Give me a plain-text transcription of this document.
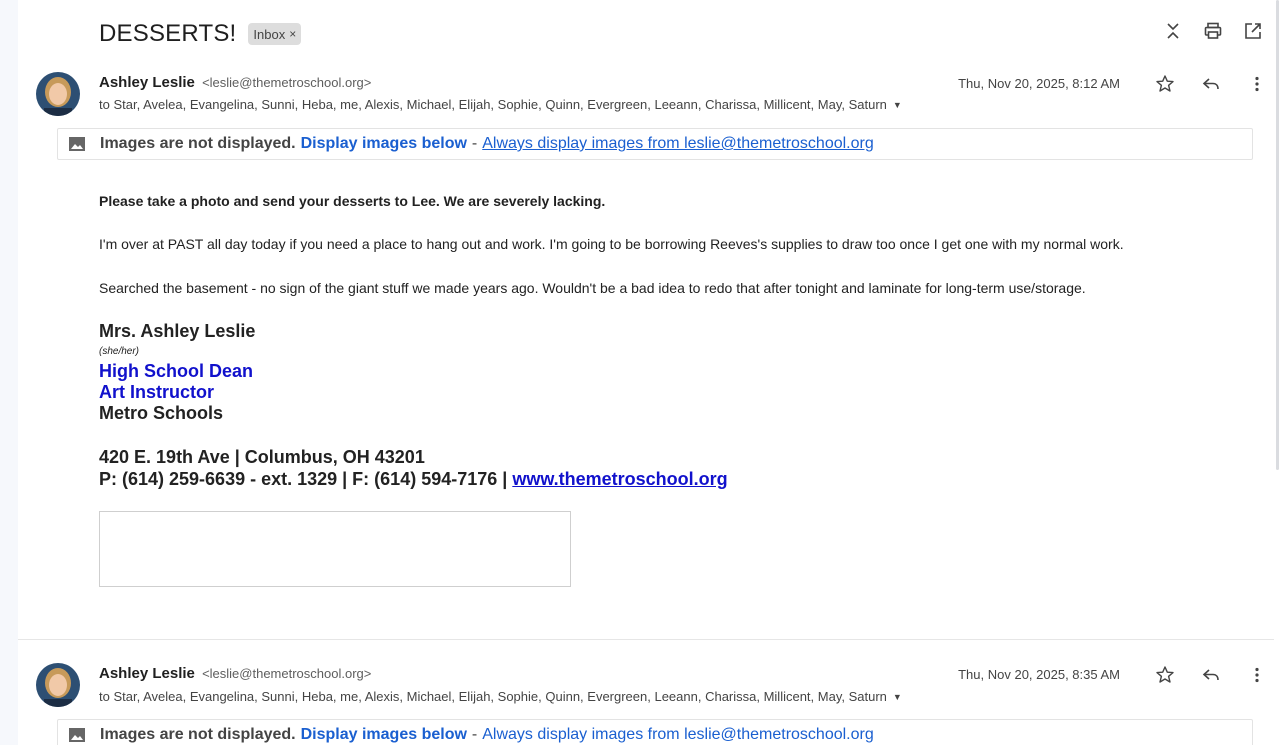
DESSERTS! Inbox ×
Ashley Leslie <leslie@themetroschool.org>
to Star, Avelea, Evangelina, Sunni, Heba, me, Alexis, Michael, Elijah, Sophie, Quinn, Evergreen, Leeann, Charissa, Millicent, May, Saturn ▼
Thu, Nov 20, 2025, 8:12 AM
Images are not displayed. Display images below - Always display images from leslie@themetroschool.org
Please take a photo and send your desserts to Lee. We are severely lacking.
I'm over at PAST all day today if you need a place to hang out and work. I'm going to be borrowing Reeves's supplies to draw too once I get one with my normal work.
Searched the basement - no sign of the giant stuff we made years ago. Wouldn't be a bad idea to redo that after tonight and laminate for long-term use/storage.
Mrs. Ashley Leslie
(she/her)
High School Dean
Art Instructor
Metro Schools
420 E. 19th Ave | Columbus, OH 43201
P: (614) 259-6639 - ext. 1329 | F: (614) 594-7176 | www.themetroschool.org
Ashley Leslie <leslie@themetroschool.org>
to Star, Avelea, Evangelina, Sunni, Heba, me, Alexis, Michael, Elijah, Sophie, Quinn, Evergreen, Leeann, Charissa, Millicent, May, Saturn ▼
Thu, Nov 20, 2025, 8:35 AM
Images are not displayed. Display images below - Always display images from leslie@themetroschool.org
